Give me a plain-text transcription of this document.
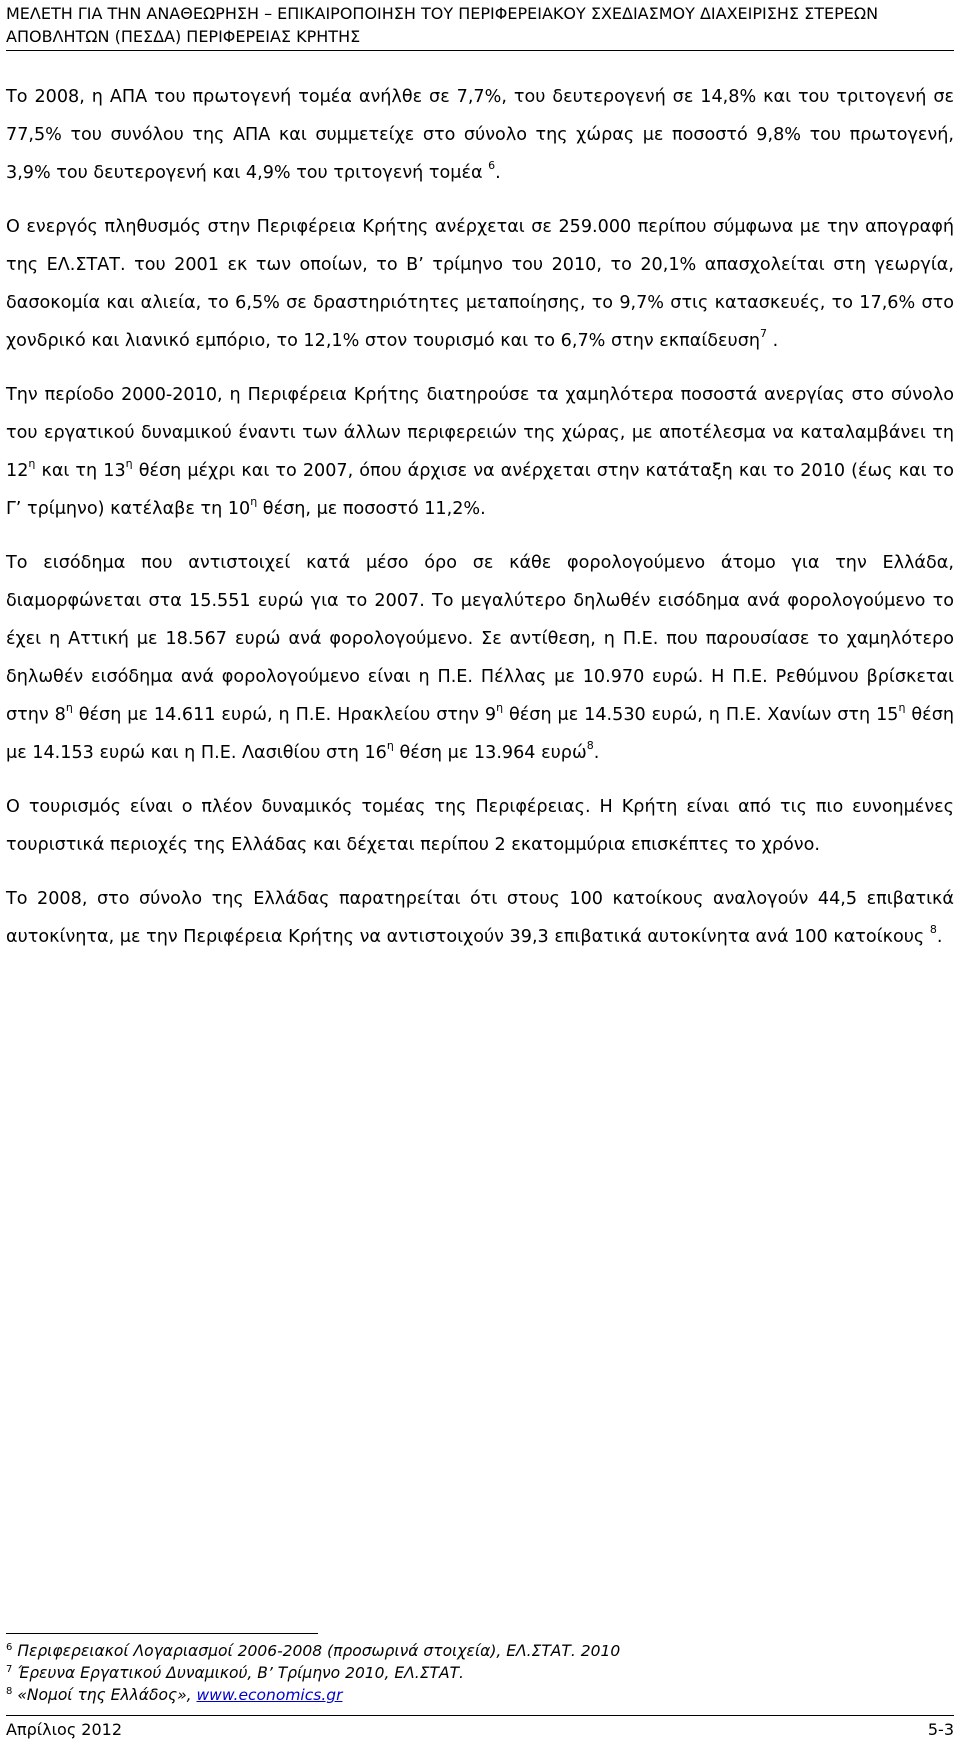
ΜΕΛΕΤΗ ΓΙΑ ΤΗΝ ΑΝΑΘΕΩΡΗΣΗ – ΕΠΙΚΑΙΡΟΠΟΙΗΣΗ ΤΟΥ ΠΕΡΙΦΕΡΕΙΑΚΟΥ ΣΧΕΔΙΑΣΜΟΥ ΔΙΑΧΕΙΡΙΣΗΣ ΣΤΕΡΕΩΝ ΑΠΟΒΛΗΤΩΝ (ΠΕΣΔΑ) ΠΕΡΙΦΕΡΕΙΑΣ ΚΡΗΤΗΣ

Το 2008, η ΑΠΑ του πρωτογενή τομέα ανήλθε σε 7,7%, του δευτερογενή σε 14,8% και του τριτογενή σε 77,5% του συνόλου της ΑΠΑ και συμμετείχε στο σύνολο της χώρας με ποσοστό 9,8% του πρωτογενή, 3,9% του δευτερογενή και 4,9% του τριτογενή τομέα $^6$.

Ο ενεργός πληθυσμός στην Περιφέρεια Κρήτης ανέρχεται σε 259.000 περίπου σύμφωνα με την απογραφή της ΕΛ.ΣΤΑΤ. του 2001 εκ των οποίων, το Β’ τρίμηνο του 2010, το 20,1% απασχολείται στη γεωργία, δασοκομία και αλιεία, το 6,5% σε δραστηριότητες μεταποίησης, το 9,7% στις κατασκευές, το 17,6% στο χονδρικό και λιανικό εμπόριο, το 12,1% στον τουρισμό και το 6,7% στην εκπαίδευση$^7$ .

Την περίοδο 2000-2010, η Περιφέρεια Κρήτης διατηρούσε τα χαμηλότερα ποσοστά ανεργίας στο σύνολο του εργατικού δυναμικού έναντι των άλλων περιφερειών της χώρας, με αποτέλεσμα να καταλαμβάνει τη $12^\eta$ και τη $13^\eta$ θέση μέχρι και το 2007, όπου άρχισε να ανέρχεται στην κατάταξη και το 2010 (έως και το Γ’ τρίμηνο) κατέλαβε τη $10^\eta$ θέση, με ποσοστό 11,2%.

Το εισόδημα που αντιστοιχεί κατά μέσο όρο σε κάθε φορολογούμενο άτομο για την Ελλάδα, διαμορφώνεται στα 15.551 ευρώ για το 2007. Το μεγαλύτερο δηλωθέν εισόδημα ανά φορολογούμενο το έχει η Αττική με 18.567 ευρώ ανά φορολογούμενο. Σε αντίθεση, η Π.Ε. που παρουσίασε το χαμηλότερο δηλωθέν εισόδημα ανά φορολογούμενο είναι η Π.Ε. Πέλλας με 10.970 ευρώ. Η Π.Ε. Ρεθύμνου βρίσκεται στην $8^\eta$ θέση με 14.611 ευρώ, η Π.Ε. Ηρακλείου στην $9^\eta$ θέση με 14.530 ευρώ, η Π.Ε. Χανίων στη $15^\eta$ θέση με 14.153 ευρώ και η Π.Ε. Λασιθίου στη $16^\eta$ θέση με 13.964 ευρώ$^8$.

Ο τουρισμός είναι ο πλέον δυναμικός τομέας της Περιφέρειας. Η Κρήτη είναι από τις πιο ευνοημένες τουριστικά περιοχές της Ελλάδας και δέχεται περίπου 2 εκατομμύρια επισκέπτες το χρόνο.

Το 2008, στο σύνολο της Ελλάδας παρατηρείται ότι στους 100 κατοίκους αναλογούν 44,5 επιβατικά αυτοκίνητα, με την Περιφέρεια Κρήτης να αντιστοιχούν 39,3 επιβατικά αυτοκίνητα ανά 100 κατοίκους $^8$.

$^6$ Περιφερειακοί Λογαριασμοί 2006-2008 (προσωρινά στοιχεία), ΕΛ.ΣΤΑΤ. 2010
$^7$ Έρευνα Εργατικού Δυναμικού, Β’ Τρίμηνο 2010, ΕΛ.ΣΤΑΤ.
$^8$ «Νομοί της Ελλάδος», www.economics.gr
Απρίλιος 2012	5-3
